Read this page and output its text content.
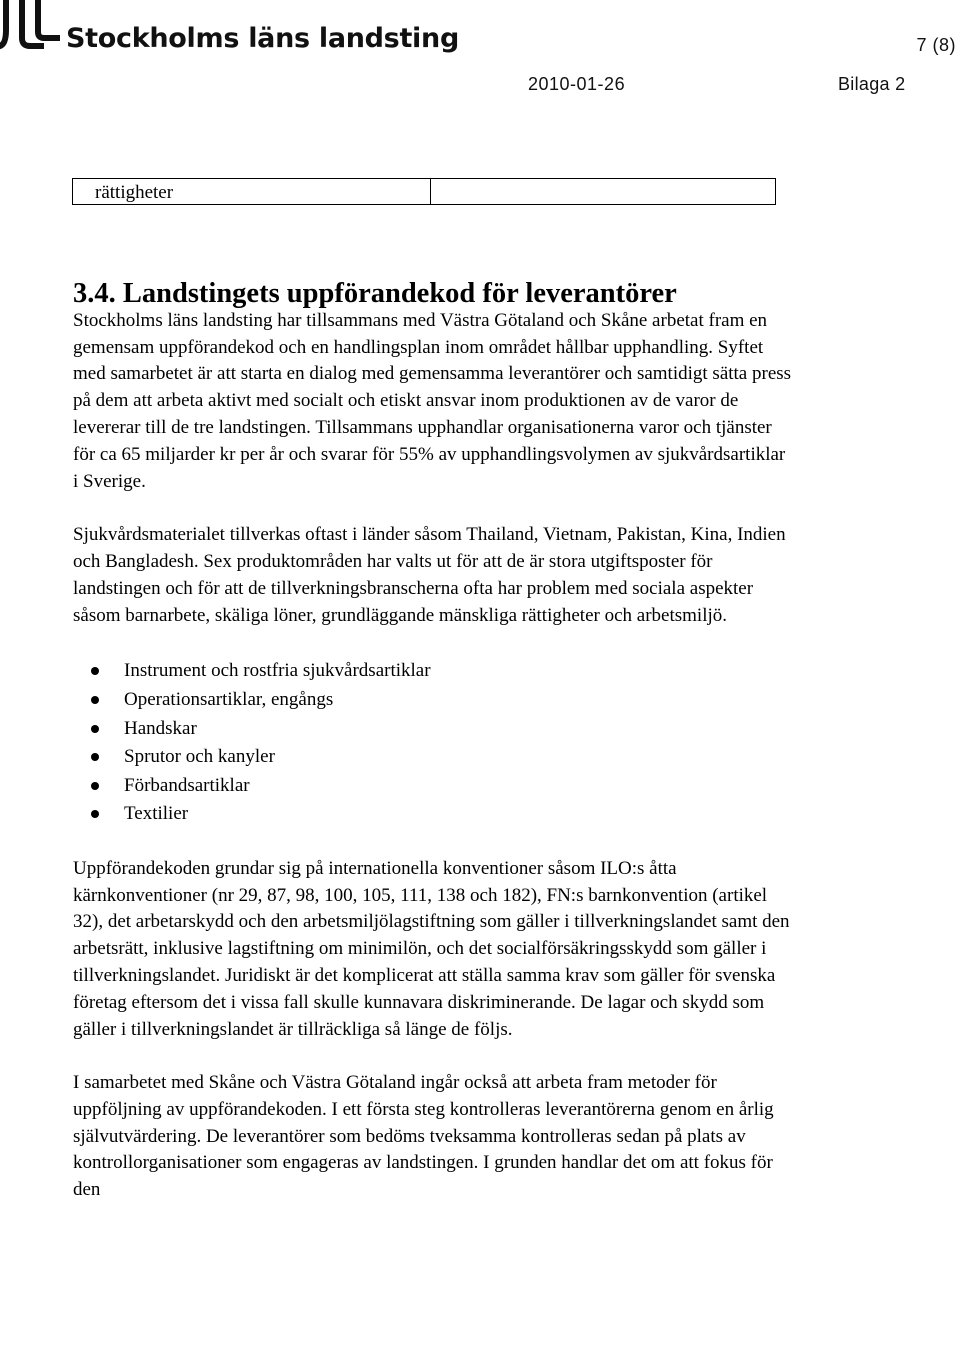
Stockholms läns landsting	7 (8)
2010-01-26	Bilaga 2
rättigheter
3.4. Landstingets uppförandekod för leverantörer

Stockholms läns landsting har tillsammans med Västra Götaland och Skåne arbetat fram en gemensam uppförandekod och en handlingsplan inom området hållbar upphandling. Syftet med samarbetet är att starta en dialog med gemensamma leverantörer och samtidigt sätta press på dem att arbeta aktivt med socialt och etiskt ansvar inom produktionen av de varor de levererar till de tre landstingen. Tillsammans upphandlar organisationerna varor och tjänster för ca 65 miljarder kr per år och svarar för 55% av upphandlingsvolymen av sjukvårdsartiklar i Sverige.

Sjukvårdsmaterialet tillverkas oftast i länder såsom Thailand, Vietnam, Pakistan, Kina, Indien och Bangladesh. Sex produktområden har valts ut för att de är stora utgiftsposter för landstingen och för att de tillverkningsbranscherna ofta har problem med sociala aspekter såsom barnarbete, skäliga löner, grundläggande mänskliga rättigheter och arbetsmiljö.

Instrument och rostfria sjukvårdsartiklar
Operationsartiklar, engångs
Handskar
Sprutor och kanyler
Förbandsartiklar
Textilier

Uppförandekoden grundar sig på internationella konventioner såsom ILO:s åtta kärnkonventioner (nr 29, 87, 98, 100, 105, 111, 138 och 182), FN:s barnkonvention (artikel 32), det arbetarskydd och den arbetsmiljölagstiftning som gäller i tillverkningslandet samt den arbetsrätt, inklusive lagstiftning om minimilön, och det socialförsäkringsskydd som gäller i tillverkningslandet. Juridiskt är det komplicerat att ställa samma krav som gäller för svenska företag eftersom det i vissa fall skulle kunnavara diskriminerande. De lagar och skydd som gäller i tillverkningslandet är tillräckliga så länge de följs.

I samarbetet med Skåne och Västra Götaland ingår också att arbeta fram metoder för uppföljning av uppförandekoden. I ett första steg kontrolleras leverantörerna genom en årlig självutvärdering. De leverantörer som bedöms tveksamma kontrolleras sedan på plats av kontrollorganisationer som engageras av landstingen. I grunden handlar det om att fokus för den
